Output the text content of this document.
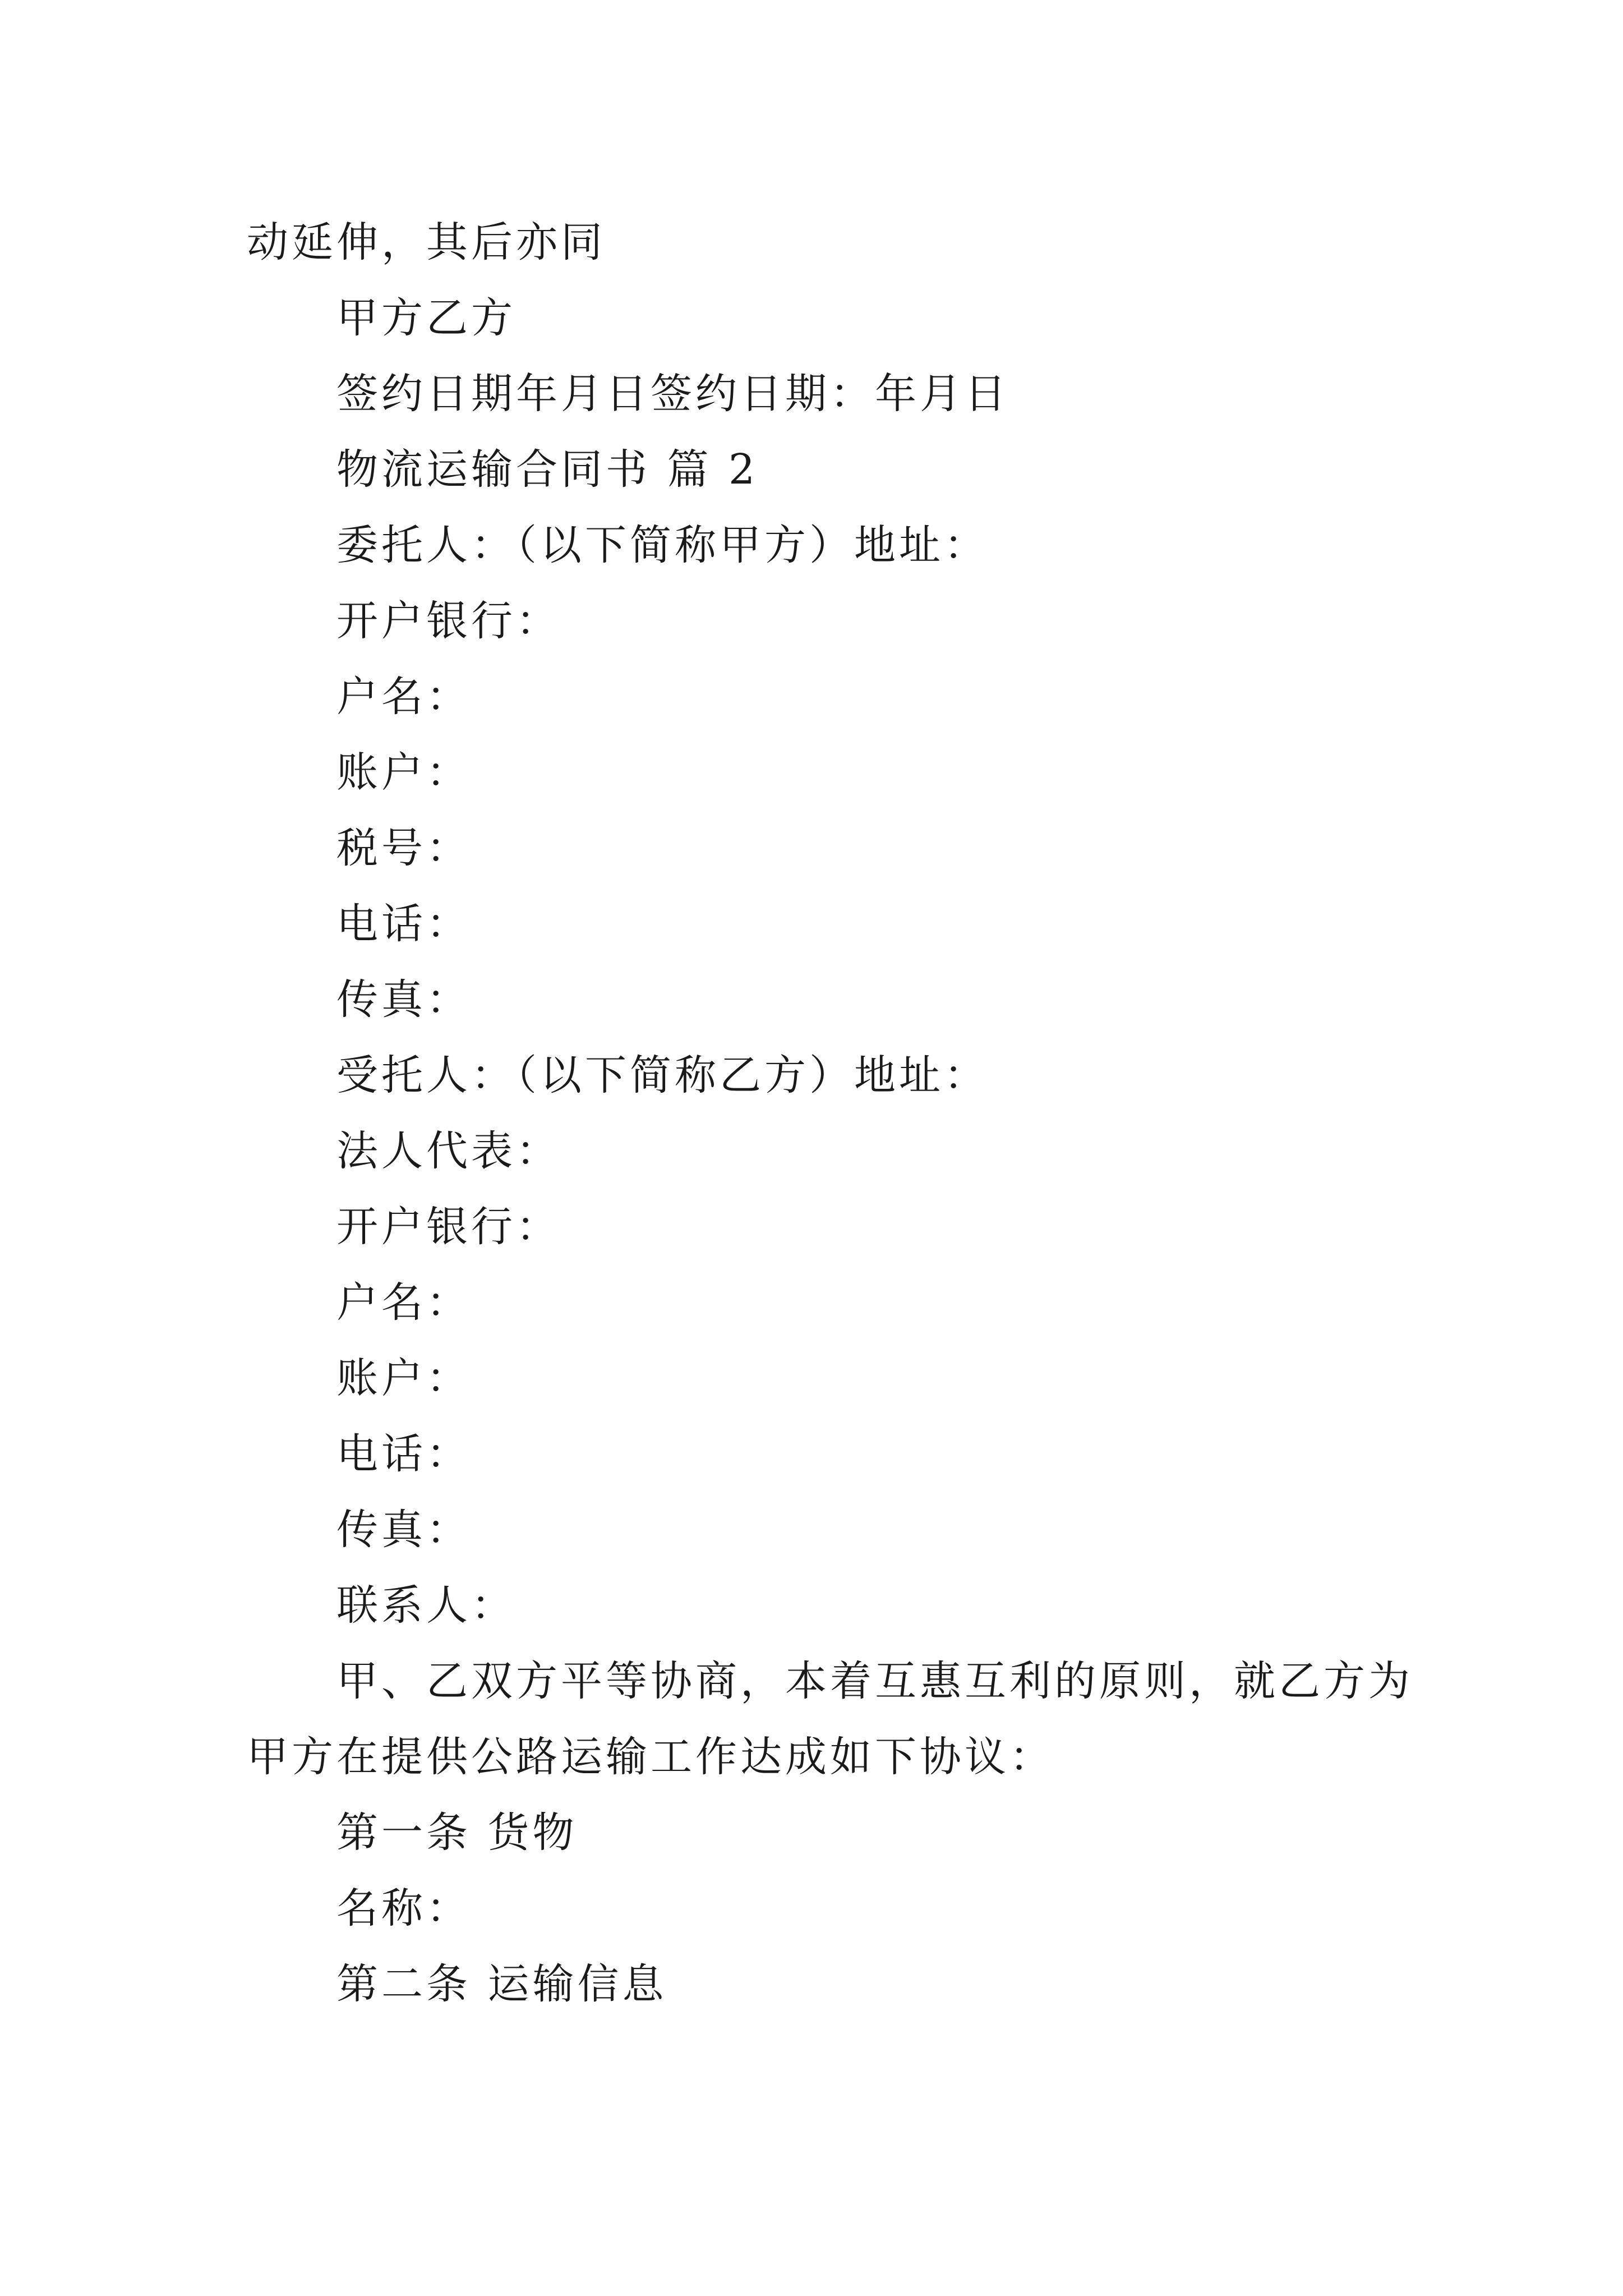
动延伸，其后亦同
甲方乙方
签约日期年月日签约日期：年月日
物流运输合同书 篇 2
委托人：（以下简称甲方）地址：
开户银行：
户名：
账户：
税号：
电话：
传真：
受托人：（以下简称乙方）地址：
法人代表：
开户银行：
户名：
账户：
电话：
传真：
联系人：
甲、乙双方平等协商，本着互惠互利的原则，就乙方为
甲方在提供公路运输工作达成如下协议：
第一条 货物
名称：
第二条 运输信息
